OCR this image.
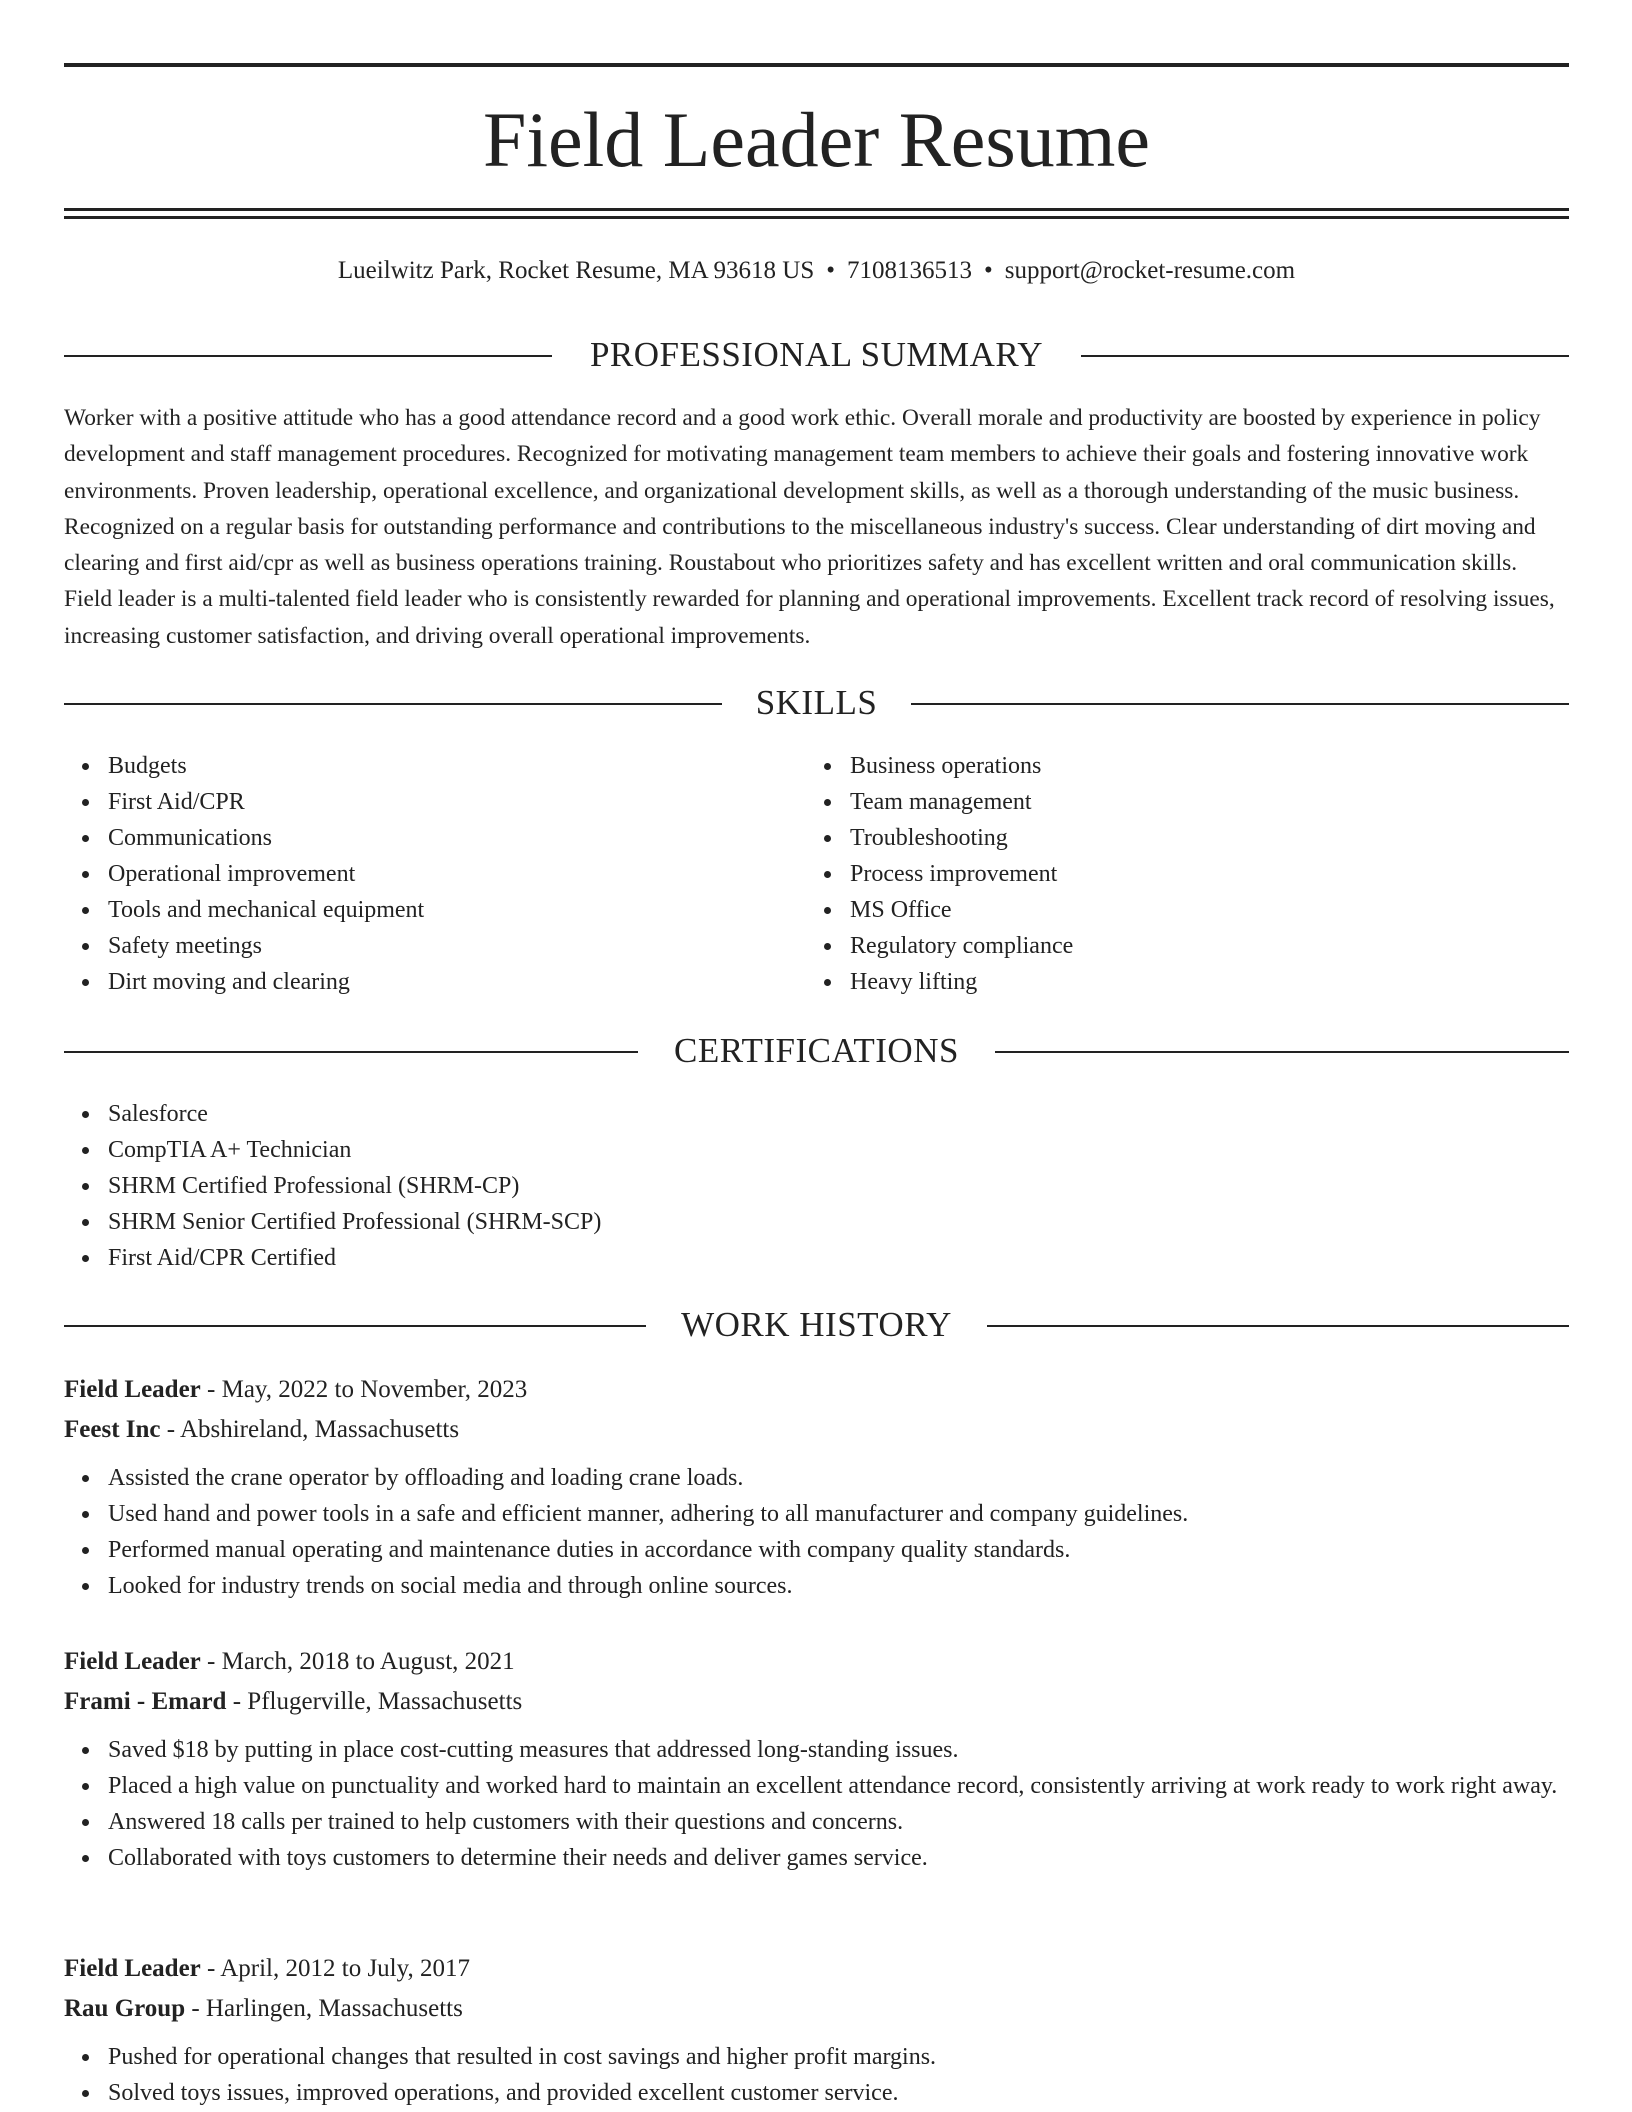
Field Leader Resume
Lueilwitz Park, Rocket Resume, MA 93618 US • 7108136513 • support@rocket-resume.com
PROFESSIONAL SUMMARY

Worker with a positive attitude who has a good attendance record and a good work ethic. Overall morale and productivity are boosted by experience in policy development and staff management procedures. Recognized for motivating management team members to achieve their goals and fostering innovative work environments. Proven leadership, operational excellence, and organizational development skills, as well as a thorough understanding of the music business. Recognized on a regular basis for outstanding performance and contributions to the miscellaneous industry's success. Clear understanding of dirt moving and clearing and first aid/cpr as well as business operations training. Roustabout who prioritizes safety and has excellent written and oral communication skills. Field leader is a multi-talented field leader who is consistently rewarded for planning and operational improvements. Excellent track record of resolving issues, increasing customer satisfaction, and driving overall operational improvements.

SKILLS
Budgets
First Aid/CPR
Communications
Operational improvement
Tools and mechanical equipment
Safety meetings
Dirt moving and clearing
Business operations
Team management
Troubleshooting
Process improvement
MS Office
Regulatory compliance
Heavy lifting
CERTIFICATIONS
Salesforce
CompTIA A+ Technician
SHRM Certified Professional (SHRM-CP)
SHRM Senior Certified Professional (SHRM-SCP)
First Aid/CPR Certified
WORK HISTORY
Field Leader - May, 2022 to November, 2023
Feest Inc - Abshireland, Massachusetts
Assisted the crane operator by offloading and loading crane loads.
Used hand and power tools in a safe and efficient manner, adhering to all manufacturer and company guidelines.
Performed manual operating and maintenance duties in accordance with company quality standards.
Looked for industry trends on social media and through online sources.
Field Leader - March, 2018 to August, 2021
Frami - Emard - Pflugerville, Massachusetts
Saved $18 by putting in place cost-cutting measures that addressed long-standing issues.
Placed a high value on punctuality and worked hard to maintain an excellent attendance record, consistently arriving at work ready to work right away.
Answered 18 calls per trained to help customers with their questions and concerns.
Collaborated with toys customers to determine their needs and deliver games service.
Field Leader - April, 2012 to July, 2017
Rau Group - Harlingen, Massachusetts
Pushed for operational changes that resulted in cost savings and higher profit margins.
Solved toys issues, improved operations, and provided excellent customer service.
